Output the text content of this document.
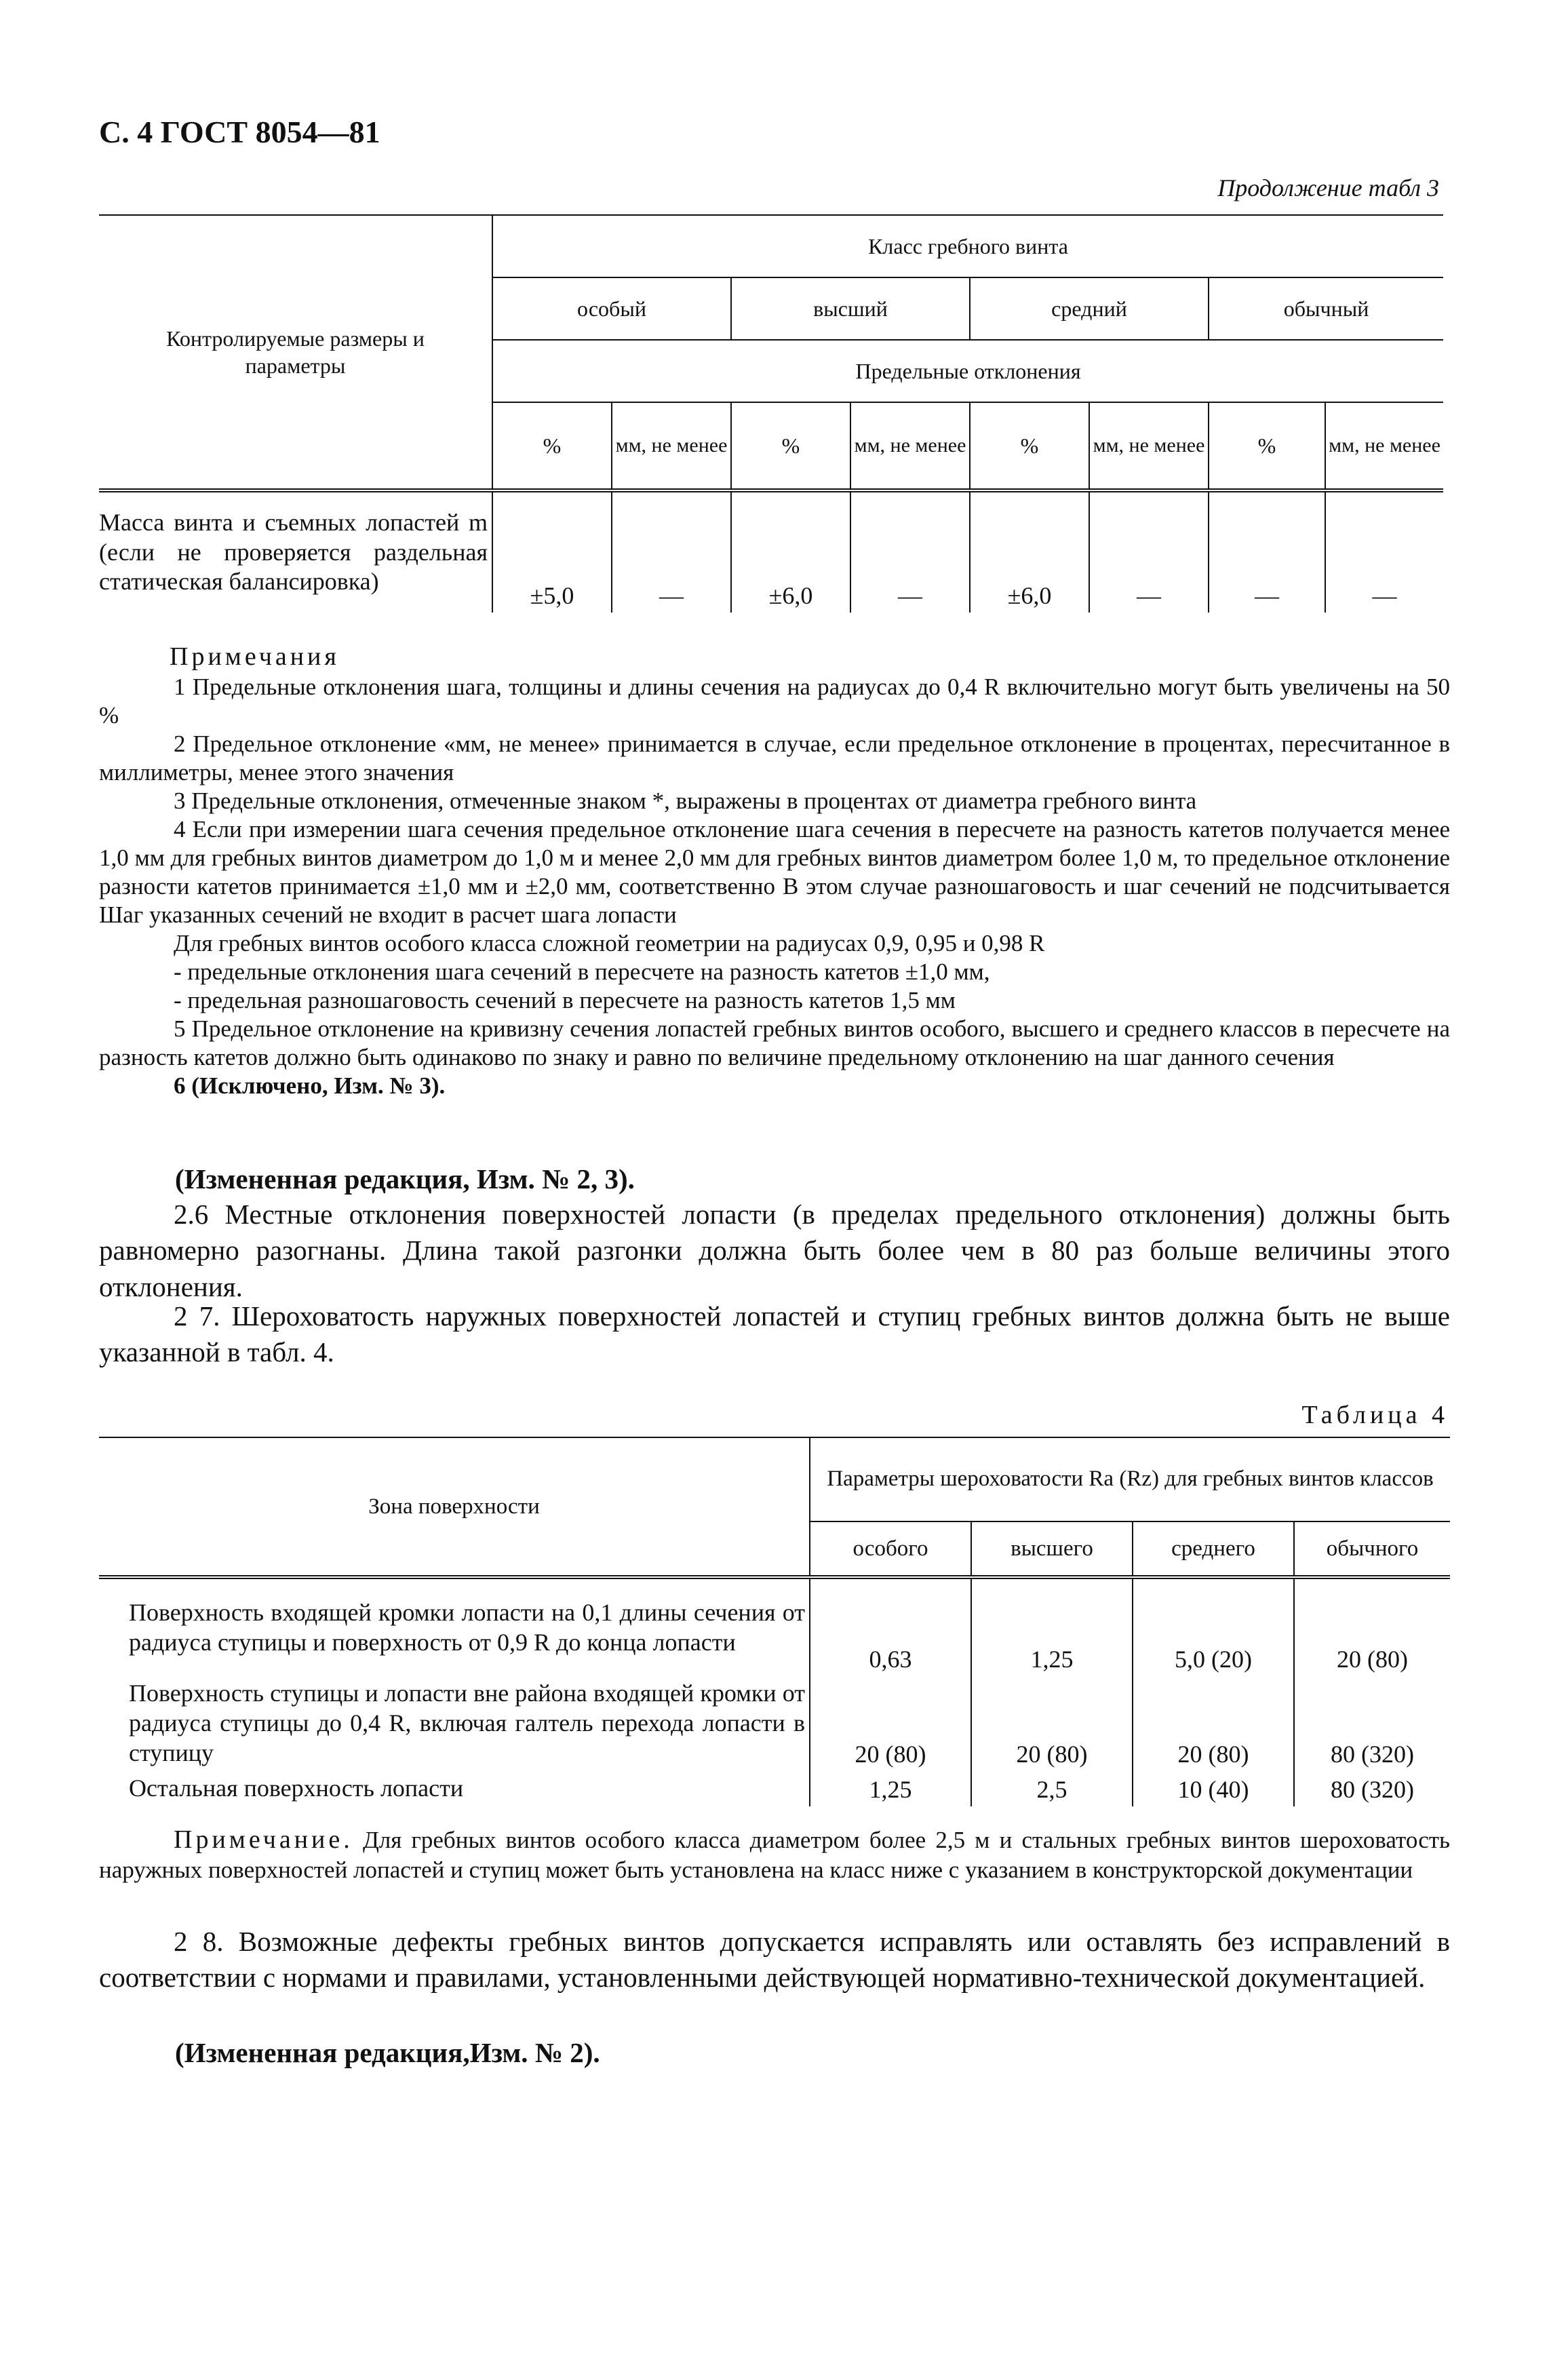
С. 4 ГОСТ 8054—81
Продолжение табл 3
Контролируемые размеры и параметры	Класс гребного винта							
	особый		высший		средний		обычный	
	Предельные отклонения							
	%	мм, не менее	%	мм, не менее	%	мм, не менее	%	мм, не менее
Масса винта и съемных лопастей m (если не проверяется раздельная статическая балансировка)	±5,0	—	±6,0	—	±6,0	—	—	—
Примечания
1 Предельные отклонения шага, толщины и длины сечения на радиусах до 0,4 R включительно могут быть увеличены на 50 %
2 Предельное отклонение «мм, не менее» принимается в случае, если предельное отклонение в процентах, пересчитанное в миллиметры, менее этого значения
3 Предельные отклонения, отмеченные знаком *, выражены в процентах от диаметра гребного винта
4 Если при измерении шага сечения предельное отклонение шага сечения в пересчете на разность катетов получается менее 1,0 мм для гребных винтов диаметром до 1,0 м и менее 2,0 мм для гребных винтов диаметром более 1,0 м, то предельное отклонение разности катетов принимается ±1,0 мм и ±2,0 мм, соответственно В этом случае разношаговость и шаг сечений не подсчитывается Шаг указанных сечений не входит в расчет шага лопасти
Для гребных винтов особого класса сложной геометрии на радиусах 0,9, 0,95 и 0,98 R
- предельные отклонения шага сечений в пересчете на разность катетов ±1,0 мм,
- предельная разношаговость сечений в пересчете на разность катетов 1,5 мм
5 Предельное отклонение на кривизну сечения лопастей гребных винтов особого, высшего и среднего классов в пересчете на разность катетов должно быть одинаково по знаку и равно по величине предельному отклонению на шаг данного сечения
6 (Исключено, Изм. № 3).
(Измененная редакция, Изм. № 2, 3).
2.6 Местные отклонения поверхностей лопасти (в пределах предельного отклонения) должны быть равномерно разогнаны. Длина такой разгонки должна быть более чем в 80 раз больше величины этого отклонения.
2 7. Шероховатость наружных поверхностей лопастей и ступиц гребных винтов должна быть не выше указанной в табл. 4.
Таблица 4
Зона поверхности	Параметры шероховатости Ra (Rz) для гребных винтов классов			
	особого	высшего	среднего	обычного
Поверхность входящей кромки лопасти на 0,1 длины сечения от радиуса ступицы и поверхность от 0,9 R до конца лопасти	0,63	1,25	5,0 (20)	20 (80)
Поверхность ступицы и лопасти вне района входящей кромки от радиуса ступицы до 0,4 R, включая галтель перехода лопасти в ступицу	20 (80)	20 (80)	20 (80)	80 (320)
Остальная поверхность лопасти	1,25	2,5	10 (40)	80 (320)
Примечание. Для гребных винтов особого класса диаметром более 2,5 м и стальных гребных винтов шероховатость наружных поверхностей лопастей и ступиц может быть установлена на класс ниже с указанием в конструкторской документации
2 8. Возможные дефекты гребных винтов допускается исправлять или оставлять без исправлений в соответствии с нормами и правилами, установленными действующей нормативно-технической документацией.
(Измененная редакция,Изм. № 2).
